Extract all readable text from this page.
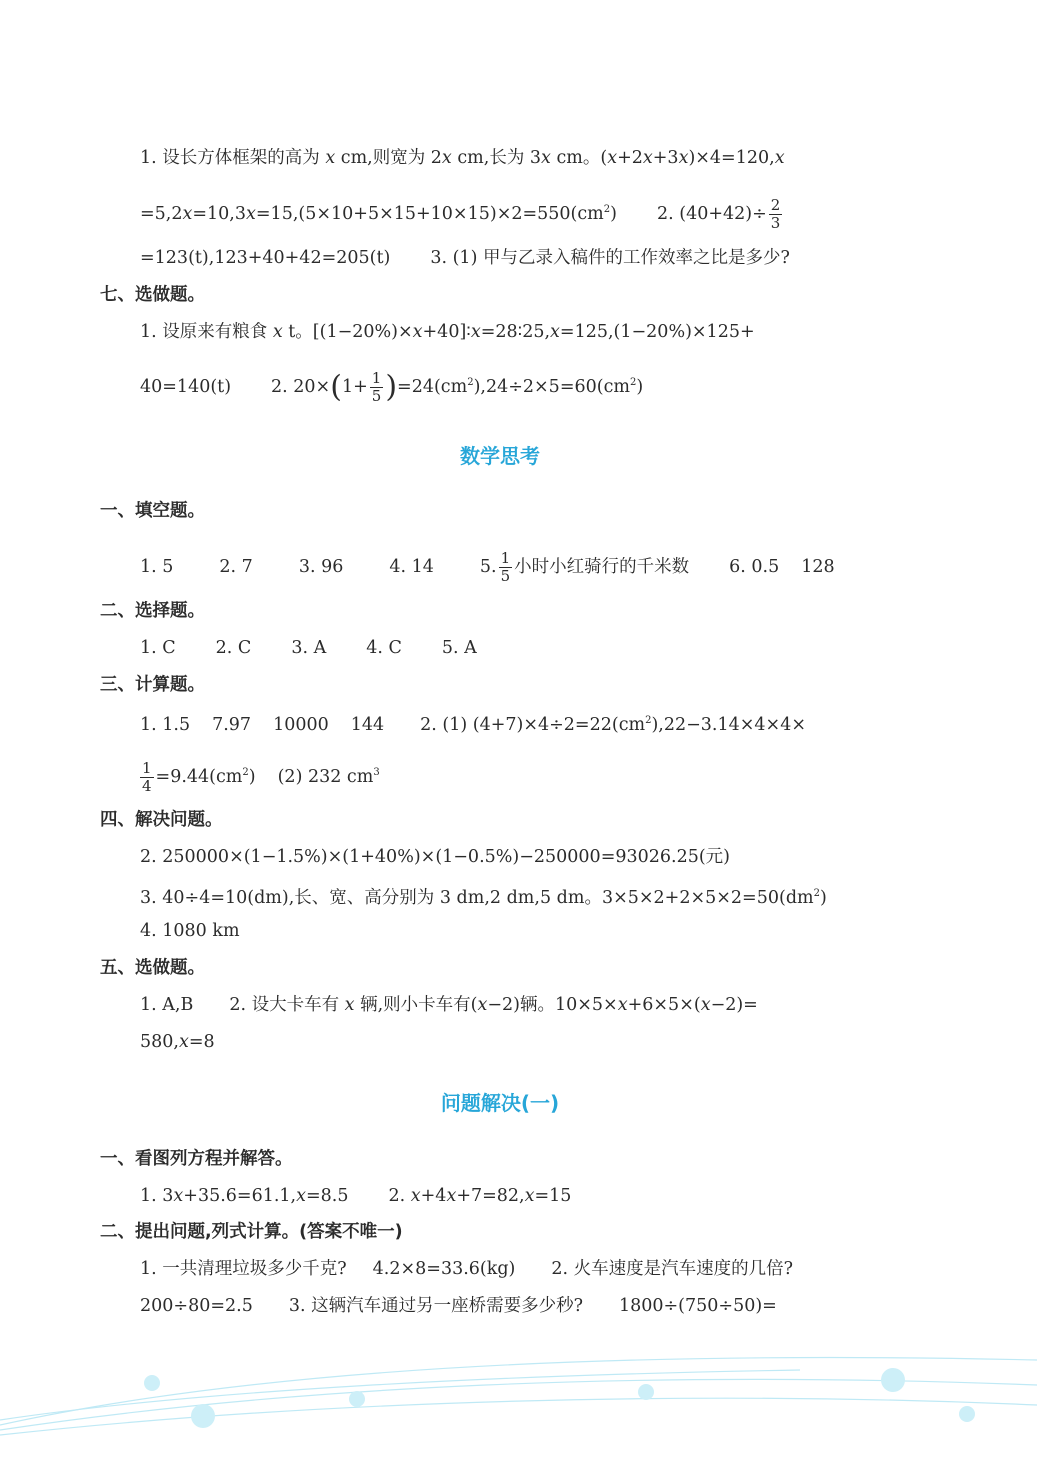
1. 设长方体框架的高为 x cm,则宽为 2x cm,长为 3x cm。(x+2x+3x)×4=120,x
$=5,2x=10,3x=15,(5\times 10+5\times 15+10\times 15)\times 2=550(cm^2)$ 2. $(40+42)\div \frac{2}{3}$
=123(t),123+40+42=205(t) 3. (1) 甲与乙录入稿件的工作效率之比是多少?
七、选做题。
1. 设原来有粮食 x t。[(1−20%)×x+40]∶x=28∶25,x=125,(1−20%)×125+
40=140(t) 2. $20\times(1+ \frac{1}{5} )=24(cm^2),24\div 2\times 5=60(cm^2)$
数学思考
一、填空题。
1. 5	2. 7	3. 96	4. 14	5. $\frac{1}{5}$ 小时小红骑行的千米数 6. 0.5 128
二、选择题。
1. C 2. C 3. A 4. C 5. A
三、计算题。
1. 1.5 7.97 10000 144 2. (1) $(4+7)\times 4\div 2=22(cm^2),22-3.14\times 4\times 4\times$
$\frac{1}{4} =9.44(cm^2)$ (2) 232 $cm^3$
四、解决问题。
2. 250000×(1−1.5%)×(1+40%)×(1−0.5%)−250000=93026.25(元)
3. 40÷4=10(dm),长、宽、高分别为 3 dm,2 dm,5 dm。$3\times 5\times 2+2\times 5\times 2=50(dm^2)$
4. 1080 km
五、选做题。
1. A,B 2. 设大卡车有 x 辆,则小卡车有(x−2)辆。10×5×x+6×5×(x−2)=
580,x=8
问题解决(一)
一、看图列方程并解答。
1. 3x+35.6=61.1,x=8.5 2. x+4x+7=82,x=15
二、提出问题,列式计算。(答案不唯一)
1. 一共清理垃圾多少千克? 4.2×8=33.6(kg) 2. 火车速度是汽车速度的几倍?
200÷80=2.5 3. 这辆汽车通过另一座桥需要多少秒? 1800÷(750÷50)=
